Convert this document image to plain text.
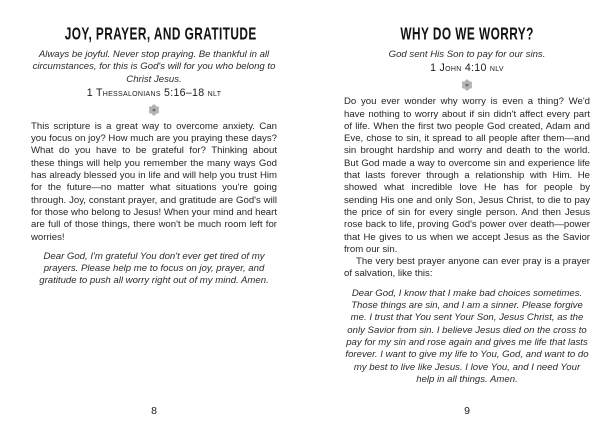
JOY, PRAYER, AND GRATITUDE
Always be joyful. Never stop praying. Be thankful in all circumstances, for this is God's will for you who belong to Christ Jesus.
1 Thessalonians 5:16–18 nlt
This scripture is a great way to overcome anxiety. Can you focus on joy? How much are you praying these days? What do you have to be grateful for? Thinking about these things will help you remember the many ways God has already blessed you in life and will help you trust Him for the future—no matter what situations you're going through. Joy, constant prayer, and gratitude are God's will for those who belong to Jesus! When your mind and heart are full of those things, there won't be much room left for worries!
Dear God, I'm grateful You don't ever get tired of my prayers. Please help me to focus on joy, prayer, and gratitude to push all worry right out of my mind. Amen.
8
WHY DO WE WORRY?
God sent His Son to pay for our sins.
1 John 4:10 nlv
Do you ever wonder why worry is even a thing? We'd have nothing to worry about if sin didn't affect every part of life. When the first two people God created, Adam and Eve, chose to sin, it spread to all people after them—and sin brought hardship and worry and death to the world. But God made a way to overcome sin and experience life that lasts forever through a relationship with Him. He showed what incredible love He has for people by sending His one and only Son, Jesus Christ, to die to pay the price of sin for every single person. And then Jesus rose back to life, proving God's power over death—power that He gives to us when we accept Jesus as the Savior from our sin.
The very best prayer anyone can ever pray is a prayer of salvation, like this:
Dear God, I know that I make bad choices sometimes. Those things are sin, and I am a sinner. Please forgive me. I trust that You sent Your Son, Jesus Christ, as the only Savior from sin. I believe Jesus died on the cross to pay for my sin and rose again and gives me life that lasts forever. I want to give my life to You, God, and want to do my best to live like Jesus. I love You, and I need Your help in all things. Amen.
9
